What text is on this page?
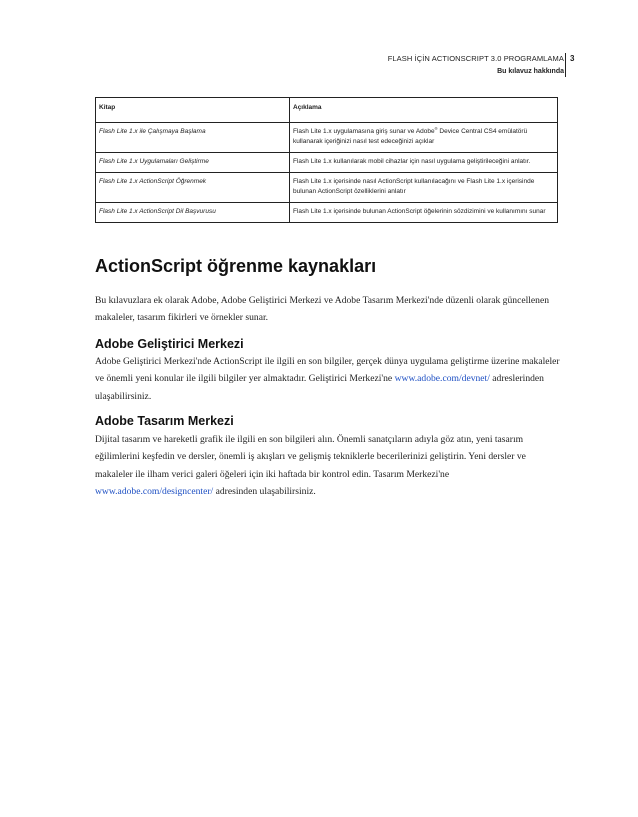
FLASH İÇİN ACTIONSCRIPT 3.0 PROGRAMLAMA
Bu kılavuz hakkında
3
Kitap	Açıklama
Flash Lite 1.x ile Çalışmaya Başlama	Flash Lite 1.x uygulamasına giriş sunar ve Adobe® Device Central CS4 emülatörü kullanarak içeriğinizi nasıl test edeceğinizi açıklar
Flash Lite 1.x Uygulamaları Geliştirme	Flash Lite 1.x kullanılarak mobil cihazlar için nasıl uygulama geliştirileceğini anlatır.
Flash Lite 1.x ActionScript Öğrenmek	Flash Lite 1.x içerisinde nasıl ActionScript kullanılacağını ve Flash Lite 1.x içerisinde bulunan ActionScript özelliklerini anlatır
Flash Lite 1.x ActionScript Dil Başvurusu	Flash Lite 1.x içerisinde bulunan ActionScript öğelerinin sözdizimini ve kullanımını sunar
ActionScript öğrenme kaynakları

Bu kılavuzlara ek olarak Adobe, Adobe Geliştirici Merkezi ve Adobe Tasarım Merkezi'nde düzenli olarak güncellenen makaleler, tasarım fikirleri ve örnekler sunar.

Adobe Geliştirici Merkezi

Adobe Geliştirici Merkezi'nde ActionScript ile ilgili en son bilgiler, gerçek dünya uygulama geliştirme üzerine makaleler ve önemli yeni konular ile ilgili bilgiler yer almaktadır. Geliştirici Merkezi'ne www.adobe.com/devnet/ adreslerinden ulaşabilirsiniz.

Adobe Tasarım Merkezi

Dijital tasarım ve hareketli grafik ile ilgili en son bilgileri alın. Önemli sanatçıların adıyla göz atın, yeni tasarım eğilimlerini keşfedin ve dersler, önemli iş akışları ve gelişmiş tekniklerle becerilerinizi geliştirin. Yeni dersler ve makaleler ile ilham verici galeri öğeleri için iki haftada bir kontrol edin. Tasarım Merkezi'ne www.adobe.com/designcenter/ adresinden ulaşabilirsiniz.
